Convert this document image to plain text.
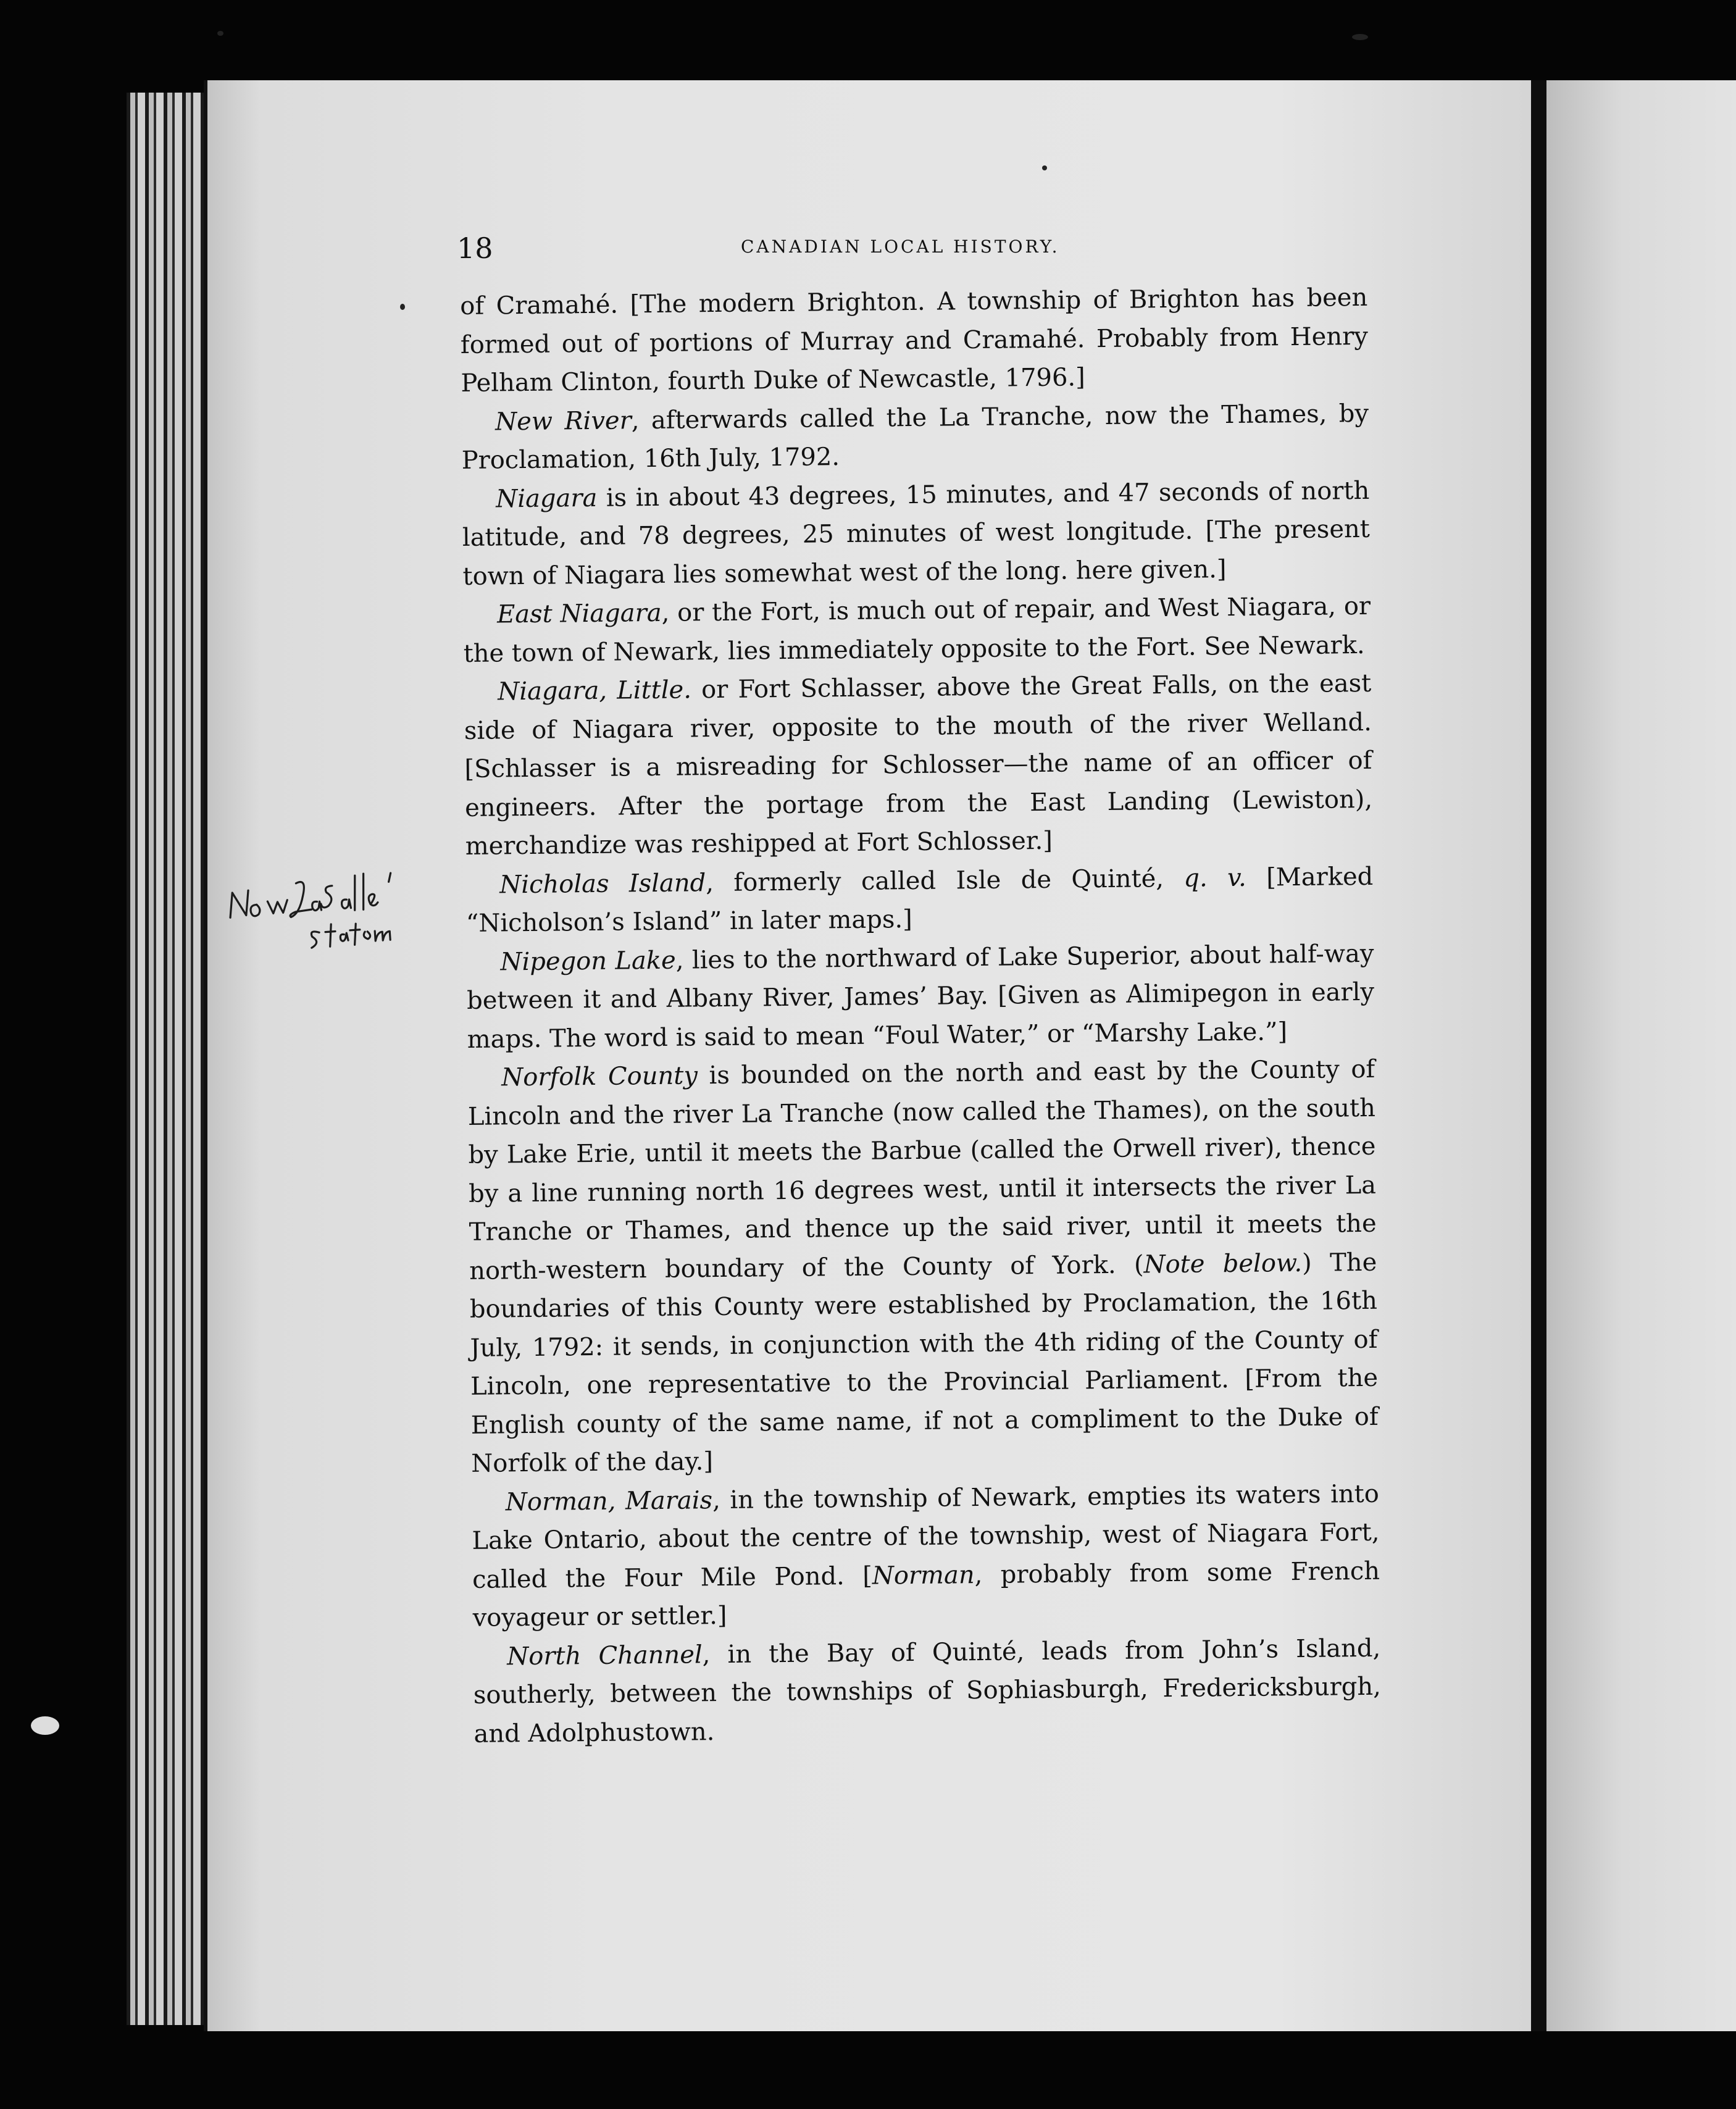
18	CANADIAN LOCAL HISTORY.

of Cramahé. [The modern Brighton. A township of Brighton has been formed out of portions of Murray and Cramahé. Probably from Henry Pelham Clinton, fourth Duke of Newcastle, 1796.]

New River, afterwards called the La Tranche, now the Thames, by Proclamation, 16th July, 1792.

Niagara is in about 43 degrees, 15 minutes, and 47 seconds of north latitude, and 78 degrees, 25 minutes of west longitude. [The present town of Niagara lies somewhat west of the long. here given.]

East Niagara, or the Fort, is much out of repair, and West Niagara, or the town of Newark, lies immediately opposite to the Fort. See Newark.

Niagara, Little. or Fort Schlasser, above the Great Falls, on the east side of Niagara river, opposite to the mouth of the river Welland. [Schlasser is a misreading for Schlosser—the name of an officer of engineers. After the portage from the East Landing (Lewiston), merchandize was reshipped at Fort Schlosser.]

Nicholas Island, formerly called Isle de Quinté, q. v. [Marked “Nicholson’s Island” in later maps.]

Nipegon Lake, lies to the northward of Lake Superior, about half-way between it and Albany River, James’ Bay. [Given as Alimipegon in early maps. The word is said to mean “Foul Water,” or “Marshy Lake.”]

Norfolk County is bounded on the north and east by the County of Lincoln and the river La Tranche (now called the Thames), on the south by Lake Erie, until it meets the Barbue (called the Orwell river), thence by a line running north 16 degrees west, until it intersects the river La Tranche or Thames, and thence up the said river, until it meets the north-western boundary of the County of York. (Note below.) The boundaries of this County were established by Proclamation, the 16th July, 1792: it sends, in conjunction with the 4th riding of the County of Lincoln, one representative to the Provincial Parliament. [From the English county of the same name, if not a compliment to the Duke of Norfolk of the day.]

Norman, Marais, in the township of Newark, empties its waters into Lake Ontario, about the centre of the township, west of Niagara Fort, called the Four Mile Pond. [Norman, probably from some French voyageur or settler.]

North Channel, in the Bay of Quinté, leads from John’s Island, southerly, between the townships of Sophiasburgh, Fredericksburgh, and Adolphustown.
